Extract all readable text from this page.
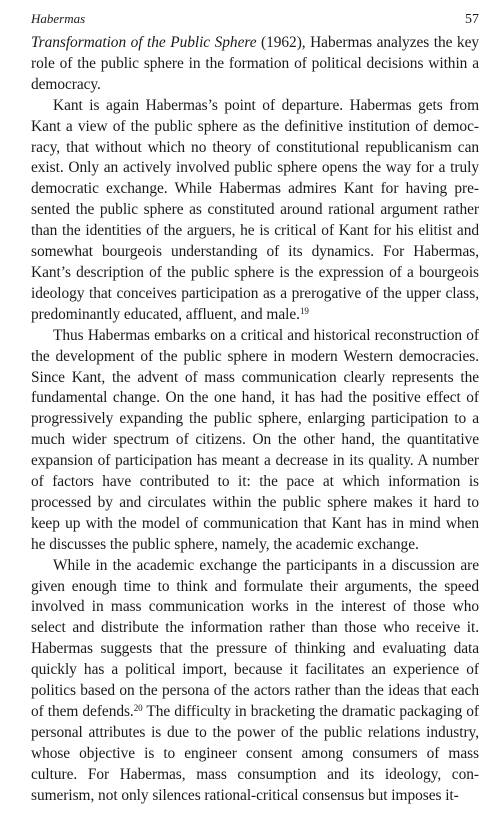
Habermas	57

Transformation of the Public Sphere (1962), Habermas analyzes the key role of the public sphere in the formation of political decisions within a democracy.

Kant is again Habermas’s point of departure. Habermas gets from Kant a view of the public sphere as the definitive institution of democracy, that without which no theory of constitutional republicanism can exist. Only an actively involved public sphere opens the way for a truly democratic exchange. While Habermas admires Kant for having presented the public sphere as constituted around rational argument rather than the identities of the arguers, he is critical of Kant for his elitist and somewhat bourgeois understanding of its dynamics. For Habermas, Kant’s description of the public sphere is the expression of a bourgeois ideology that conceives participation as a prerogative of the upper class, predominantly educated, affluent, and male.$^{19}$

Thus Habermas embarks on a critical and historical reconstruction of the development of the public sphere in modern Western democracies. Since Kant, the advent of mass communication clearly represents the fundamental change. On the one hand, it has had the positive effect of progressively expanding the public sphere, enlarging participation to a much wider spectrum of citizens. On the other hand, the quantitative expansion of participation has meant a decrease in its quality. A number of factors have contributed to it: the pace at which information is processed by and circulates within the public sphere makes it hard to keep up with the model of communication that Kant has in mind when he discusses the public sphere, namely, the academic exchange.

While in the academic exchange the participants in a discussion are given enough time to think and formulate their arguments, the speed involved in mass communication works in the interest of those who select and distribute the information rather than those who receive it. Habermas suggests that the pressure of thinking and evaluating data quickly has a political import, because it facilitates an experience of politics based on the persona of the actors rather than the ideas that each of them defends.$^{20}$ The difficulty in bracketing the dramatic packaging of personal attributes is due to the power of the public relations industry, whose objective is to engineer consent among consumers of mass culture. For Habermas, mass consumption and its ideology, consumerism, not only silences rational-critical consensus but imposes it-
